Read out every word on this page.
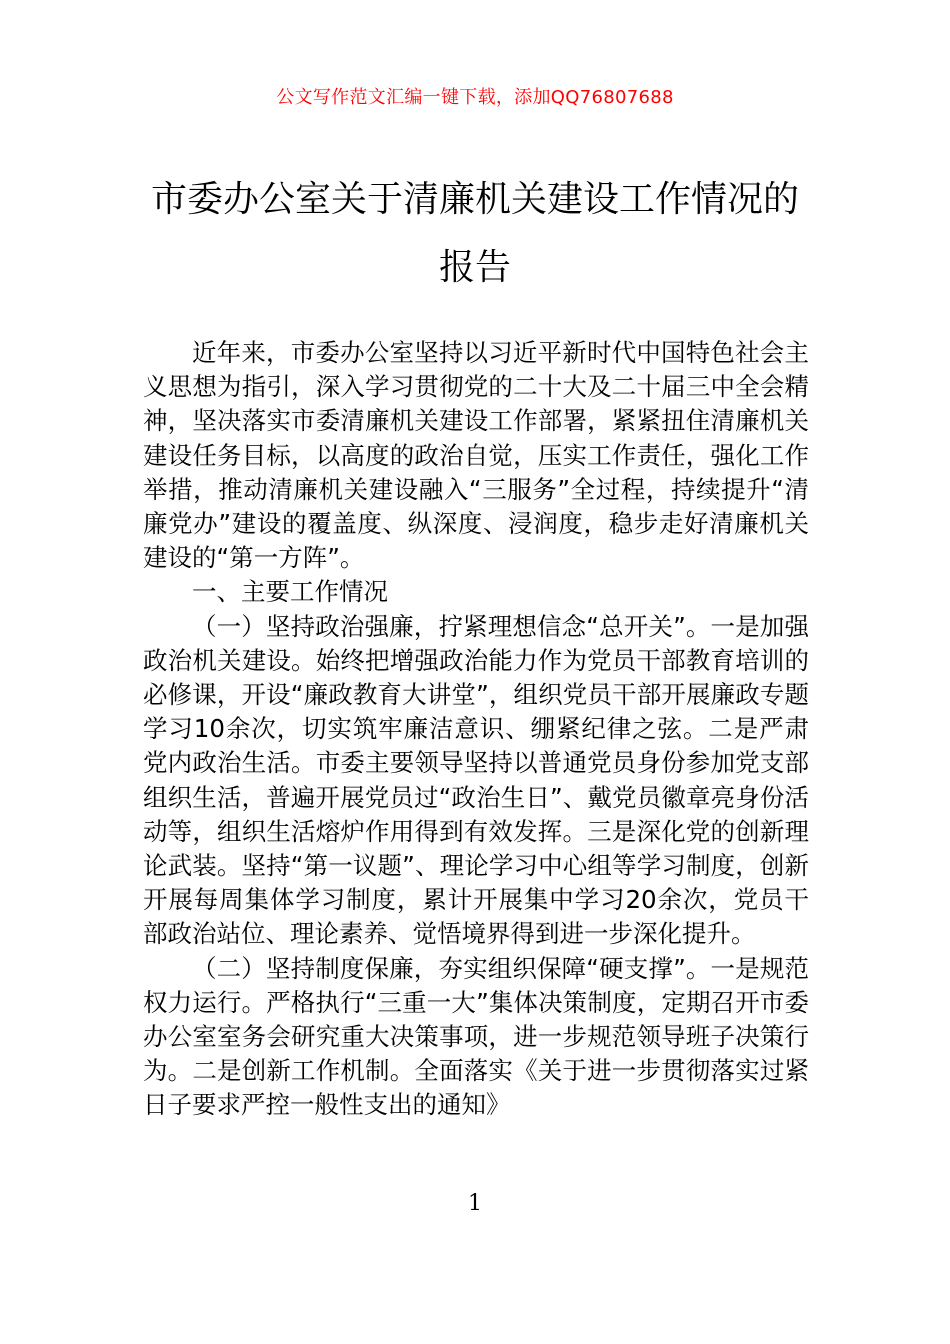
公文写作范文汇编一键下载，添加QQ76807688
市委办公室关于清廉机关建设工作情况的
报告

近年来，市委办公室坚持以习近平新时代中国特色社会主义思想为指引，深入学习贯彻党的二十大及二十届三中全会精神，坚决落实市委清廉机关建设工作部署，紧紧扭住清廉机关建设任务目标，以高度的政治自觉，压实工作责任，强化工作举措，推动清廉机关建设融入“三服务”全过程，持续提升“清廉党办”建设的覆盖度、纵深度、浸润度，稳步走好清廉机关建设的“第一方阵”。

一、主要工作情况

（一）坚持政治强廉，拧紧理想信念“总开关”。一是加强政治机关建设。始终把增强政治能力作为党员干部教育培训的必修课，开设“廉政教育大讲堂”，组织党员干部开展廉政专题学习10余次，切实筑牢廉洁意识、绷紧纪律之弦。二是严肃党内政治生活。市委主要领导坚持以普通党员身份参加党支部组织生活，普遍开展党员过“政治生日”、戴党员徽章亮身份活动等，组织生活熔炉作用得到有效发挥。三是深化党的创新理论武装。坚持“第一议题”、理论学习中心组等学习制度，创新开展每周集体学习制度，累计开展集中学习20余次，党员干部政治站位、理论素养、觉悟境界得到进一步深化提升。

（二）坚持制度保廉，夯实组织保障“硬支撑”。一是规范权力运行。严格执行“三重一大”集体决策制度，定期召开市委办公室室务会研究重大决策事项，进一步规范领导班子决策行为。二是创新工作机制。全面落实《关于进一步贯彻落实过紧日子要求严控一般性支出的通知》

1
